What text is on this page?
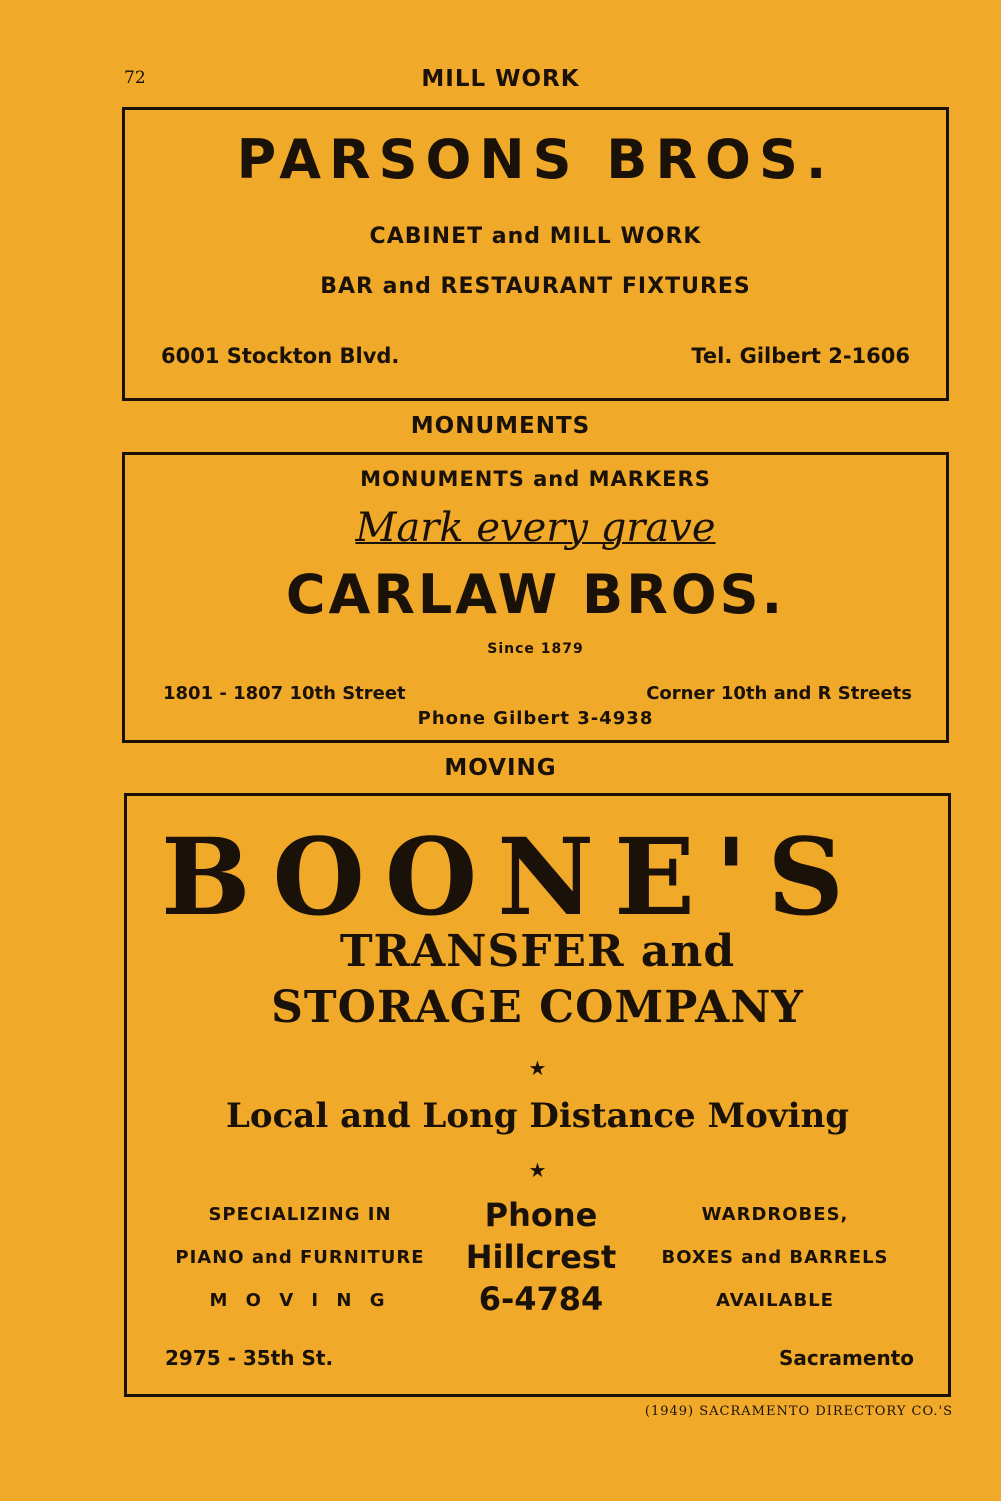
72	MILL WORK
PARSONS BROS.
CABINET and MILL WORK
BAR and RESTAURANT FIXTURES
6001 Stockton Blvd.	Tel. Gilbert 2-1606
MONUMENTS
MONUMENTS and MARKERS
Mark every grave
CARLAW BROS.
Since 1879
1801 - 1807 10th Street	Corner 10th and R Streets
Phone Gilbert 3-4938
MOVING
BOONE'S
TRANSFER and
STORAGE COMPANY
★
Local and Long Distance Moving
★
SPECIALIZING IN
PIANO and FURNITURE
M O V I N G
Phone
Hillcrest
6-4784
WARDROBES,
BOXES and BARRELS
AVAILABLE
2975 - 35th St.	Sacramento
(1949) SACRAMENTO DIRECTORY CO.'S
